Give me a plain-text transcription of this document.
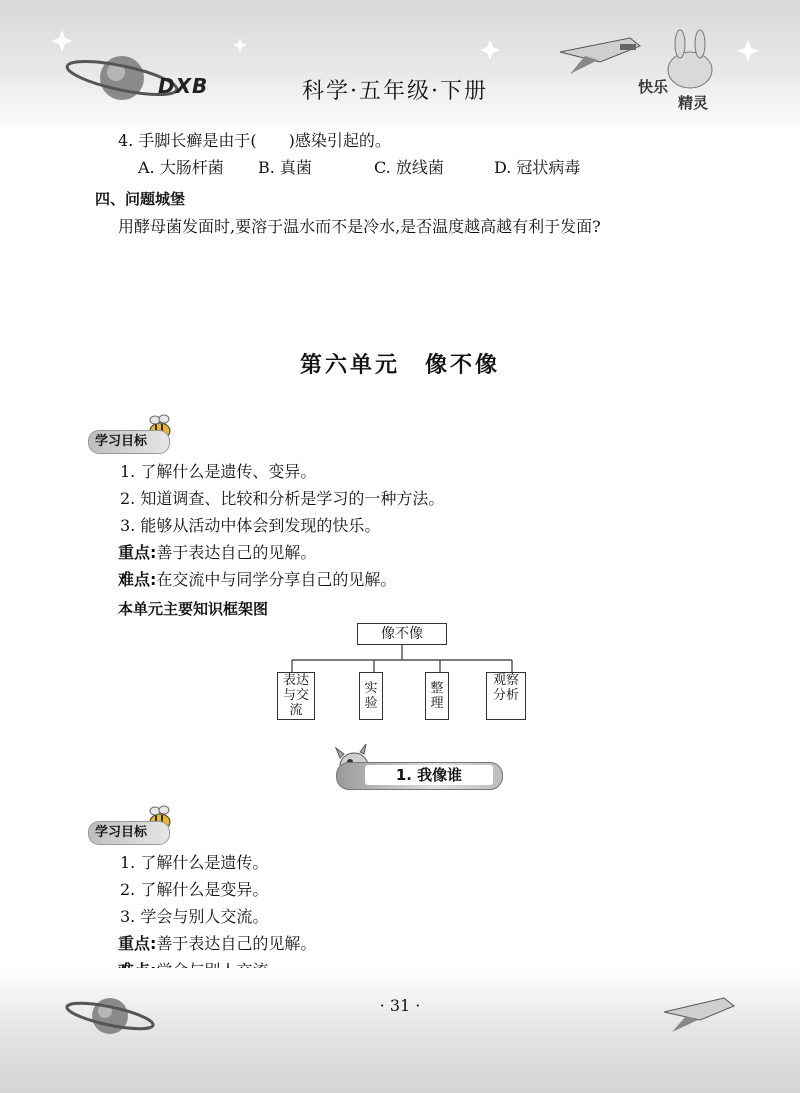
DXB	科学·五年级·下册	快乐
精灵
4. 手脚长癣是由于(　　)感染引起的。
A. 大肠杆菌 B. 真菌	C. 放线菌	D. 冠状病毒
四、问题城堡
用酵母菌发面时,要溶于温水而不是冷水,是否温度越高越有利于发面?
第六单元　像不像
学习目标
1. 了解什么是遗传、变异。
2. 知道调查、比较和分析是学习的一种方法。
3. 能够从活动中体会到发现的快乐。
重点:善于表达自己的见解。
难点:在交流中与同学分享自己的见解。
本单元主要知识框架图
像不像
表达与交流
实验
整理
观察分析
1. 我像谁
学习目标
1. 了解什么是遗传。
2. 了解什么是变异。
3. 学会与别人交流。
重点:善于表达自己的见解。
· 31 ·
